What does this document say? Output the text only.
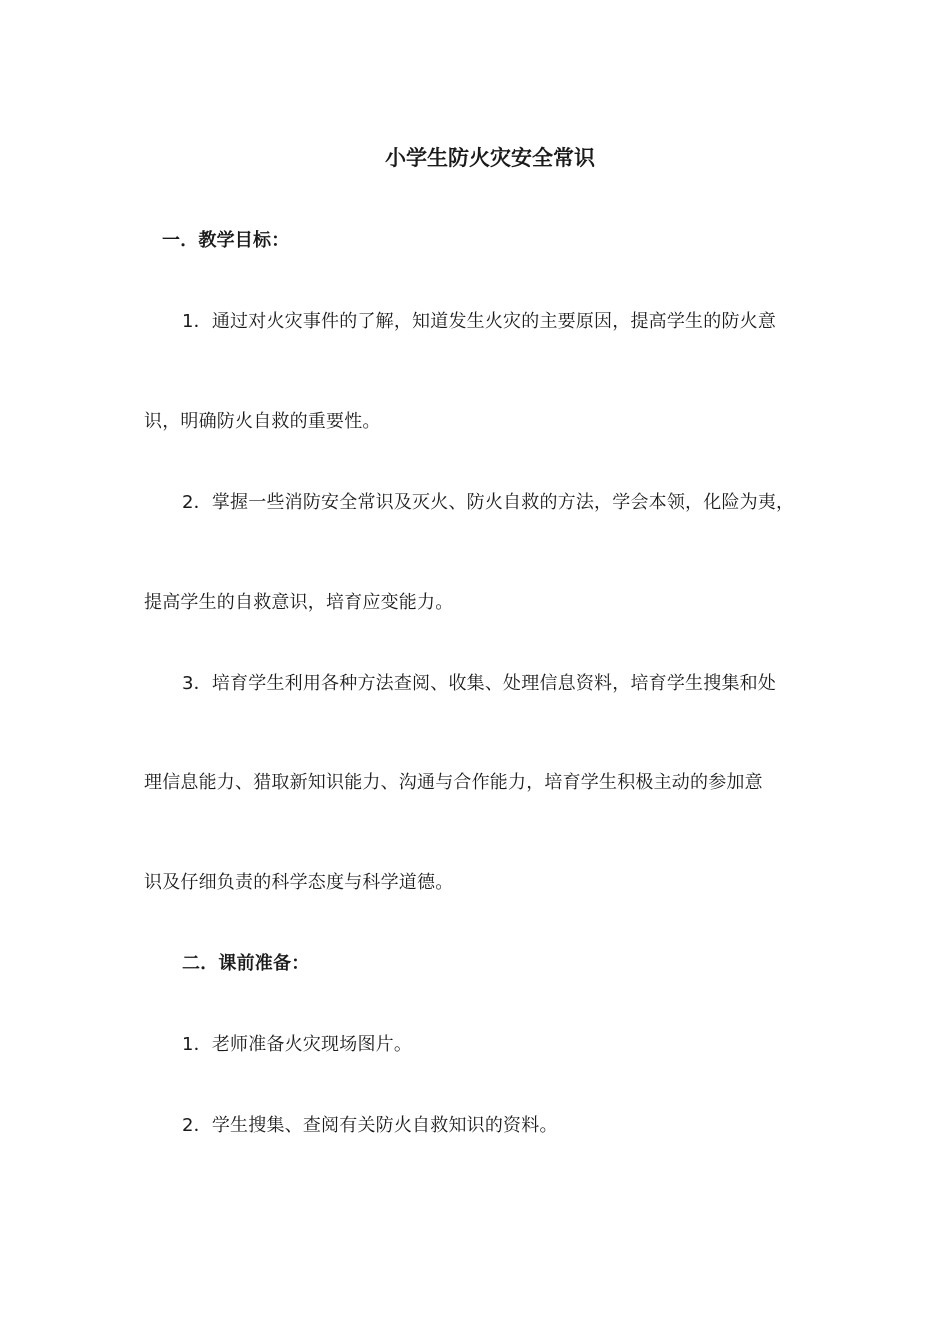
小学生防火灾安全常识
一．教学目标：
1．通过对火灾事件的了解，知道发生火灾的主要原因，提高学生的防火意
识，明确防火自救的重要性。
2．掌握一些消防安全常识及灭火、防火自救的方法，学会本领，化险为夷，
提高学生的自救意识，培育应变能力。
3．培育学生利用各种方法查阅、收集、处理信息资料，培育学生搜集和处
理信息能力、猎取新知识能力、沟通与合作能力，培育学生积极主动的参加意
识及仔细负责的科学态度与科学道德。
二．课前准备：
1．老师准备火灾现场图片。
2．学生搜集、查阅有关防火自救知识的资料。
